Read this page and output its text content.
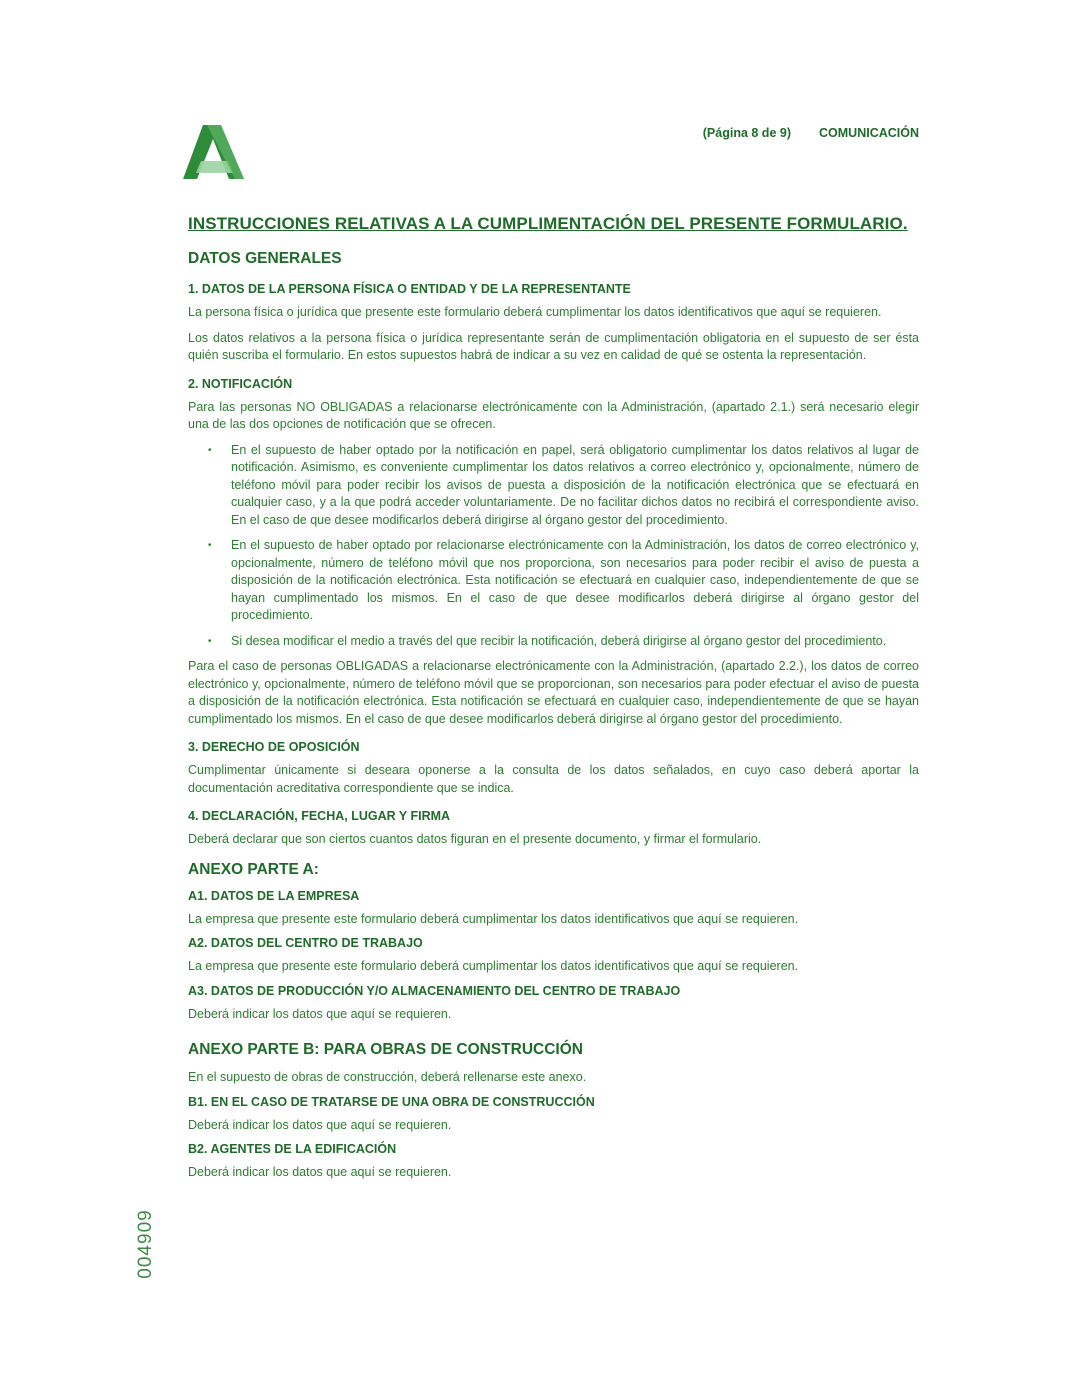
(Página 8 de 9) COMUNICACIÓN
004909
INSTRUCCIONES RELATIVAS A LA CUMPLIMENTACIÓN DEL PRESENTE FORMULARIO.
DATOS GENERALES
1. DATOS DE LA PERSONA FÍSICA O ENTIDAD Y DE LA REPRESENTANTE

La persona física o jurídica que presente este formulario deberá cumplimentar los datos identificativos que aquí se requieren.

Los datos relativos a la persona física o jurídica representante serán de cumplimentación obligatoria en el supuesto de ser ésta quién suscriba el formulario. En estos supuestos habrá de indicar a su vez en calidad de qué se ostenta la representación.

2. NOTIFICACIÓN

Para las personas NO OBLIGADAS a relacionarse electrónicamente con la Administración, (apartado 2.1.) será necesario elegir una de las dos opciones de notificación que se ofrecen.

• En el supuesto de haber optado por la notificación en papel, será obligatorio cumplimentar los datos relativos al lugar de notificación. Asimismo, es conveniente cumplimentar los datos relativos a correo electrónico y, opcionalmente, número de teléfono móvil para poder recibir los avisos de puesta a disposición de la notificación electrónica que se efectuará en cualquier caso, y a la que podrá acceder voluntariamente. De no facilitar dichos datos no recibirá el correspondiente aviso. En el caso de que desee modificarlos deberá dirigirse al órgano gestor del procedimiento.
• En el supuesto de haber optado por relacionarse electrónicamente con la Administración, los datos de correo electrónico y, opcionalmente, número de teléfono móvil que nos proporciona, son necesarios para poder recibir el aviso de puesta a disposición de la notificación electrónica. Esta notificación se efectuará en cualquier caso, independientemente de que se hayan cumplimentado los mismos. En el caso de que desee modificarlos deberá dirigirse al órgano gestor del procedimiento.
• Si desea modificar el medio a través del que recibir la notificación, deberá dirigirse al órgano gestor del procedimiento.

Para el caso de personas OBLIGADAS a relacionarse electrónicamente con la Administración, (apartado 2.2.), los datos de correo electrónico y, opcionalmente, número de teléfono móvil que se proporcionan, son necesarios para poder efectuar el aviso de puesta a disposición de la notificación electrónica. Esta notificación se efectuará en cualquier caso, independientemente de que se hayan cumplimentado los mismos. En el caso de que desee modificarlos deberá dirigirse al órgano gestor del procedimiento.

3. DERECHO DE OPOSICIÓN

Cumplimentar únicamente si deseara oponerse a la consulta de los datos señalados, en cuyo caso deberá aportar la documentación acreditativa correspondiente que se indica.

4. DECLARACIÓN, FECHA, LUGAR Y FIRMA

Deberá declarar que son ciertos cuantos datos figuran en el presente documento, y firmar el formulario.

ANEXO PARTE A:
A1. DATOS DE LA EMPRESA

La empresa que presente este formulario deberá cumplimentar los datos identificativos que aquí se requieren.

A2. DATOS DEL CENTRO DE TRABAJO

La empresa que presente este formulario deberá cumplimentar los datos identificativos que aquí se requieren.

A3. DATOS DE PRODUCCIÓN Y/O ALMACENAMIENTO DEL CENTRO DE TRABAJO

Deberá indicar los datos que aquí se requieren.

ANEXO PARTE B: PARA OBRAS DE CONSTRUCCIÓN

En el supuesto de obras de construcción, deberá rellenarse este anexo.

B1. EN EL CASO DE TRATARSE DE UNA OBRA DE CONSTRUCCIÓN

Deberá indicar los datos que aquí se requieren.

B2. AGENTES DE LA EDIFICACIÓN

Deberá indicar los datos que aquí se requieren.
